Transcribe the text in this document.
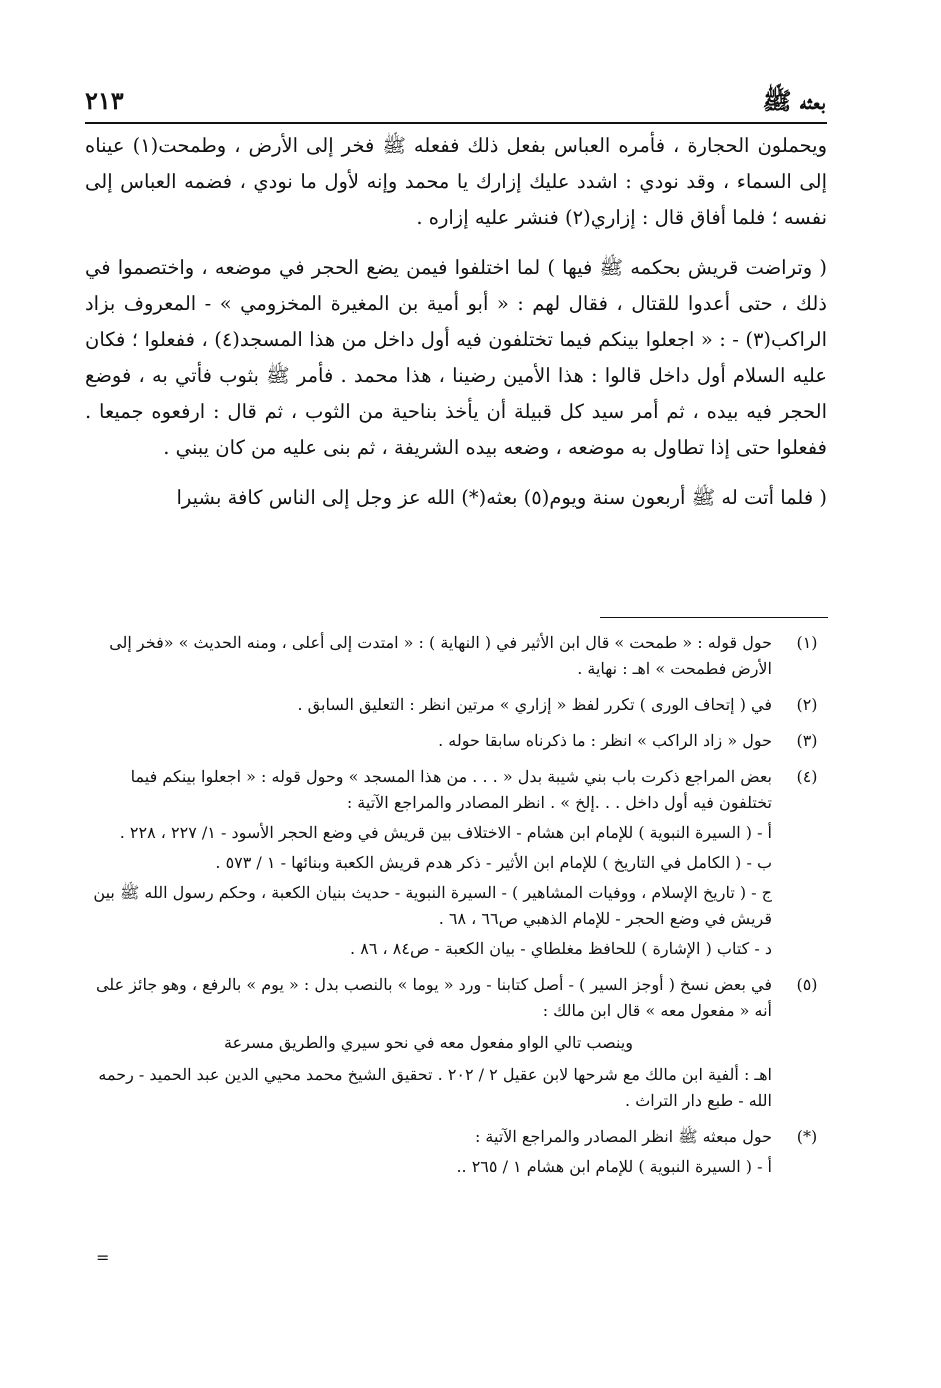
بعثه ﷺ
٢١٣

ويحملون الحجارة ، فأمره العباس بفعل ذلك ففعله ﷺ فخر إلى الأرض ، وطمحت(١) عيناه إلى السماء ، وقد نودي : اشدد عليك إزارك يا محمد وإنه لأول ما نودي ، فضمه العباس إلى نفسه ؛ فلما أفاق قال : إزاري(٢) فنشر عليه إزاره .

( وتراضت قريش بحكمه ﷺ فيها ) لما اختلفوا فيمن يضع الحجر في موضعه ، واختصموا في ذلك ، حتى أعدوا للقتال ، فقال لهم : « أبو أمية بن المغيرة المخزومي » - المعروف بزاد الراكب(٣) - : « اجعلوا بينكم فيما تختلفون فيه أول داخل من هذا المسجد(٤) ، ففعلوا ؛ فكان عليه السلام أول داخل قالوا : هذا الأمين رضينا ، هذا محمد . فأمر ﷺ بثوب فأتي به ، فوضع الحجر فيه بيده ، ثم أمر سيد كل قبيلة أن يأخذ بناحية من الثوب ، ثم قال : ارفعوه جميعا . ففعلوا حتى إذا تطاول به موضعه ، وضعه بيده الشريفة ، ثم بنى عليه من كان يبني .

( فلما أتت له ﷺ أربعون سنة ويوم(٥) بعثه(*) الله عز وجل إلى الناس كافة بشيرا

(١)
حول قوله : « طمحت » قال ابن الأثير في ( النهاية ) : « امتدت إلى أعلى ، ومنه الحديث » «فخر إلى الأرض فطمحت » اهـ : نهاية .
(٢)
في ( إتحاف الورى ) تكرر لفظ « إزاري » مرتين انظر : التعليق السابق .
(٣)
حول « زاد الراكب » انظر : ما ذكرناه سابقا حوله .
(٤)
بعض المراجع ذكرت باب بني شيبة بدل « . . . من هذا المسجد » وحول قوله : « اجعلوا بينكم فيما تختلفون فيه أول داخل . . .إلخ » . انظر المصادر والمراجع الآتية :
أ - ( السيرة النبوية ) للإمام ابن هشام - الاختلاف بين قريش في وضع الحجر الأسود - ١/ ٢٢٧ ، ٢٢٨ .
ب - ( الكامل في التاريخ ) للإمام ابن الأثير - ذكر هدم قريش الكعبة وبنائها - ١ / ٥٧٣ .
ج - ( تاريخ الإسلام ، ووفيات المشاهير ) - السيرة النبوية - حديث بنيان الكعبة ، وحكم رسول الله ﷺ بين قريش في وضع الحجر - للإمام الذهبي ص٦٦ ، ٦٨ .
د - كتاب ( الإشارة ) للحافظ مغلطاي - بيان الكعبة - ص٨٤ ، ٨٦ .
(٥)
في بعض نسخ ( أوجز السير ) - أصل كتابنا - ورد « يوما » بالنصب بدل : « يوم » بالرفع ، وهو جائز على أنه « مفعول معه » قال ابن مالك :
وينصب تالي الواو مفعول معه في نحو سيري والطريق مسرعة
اهـ : ألفية ابن مالك مع شرحها لابن عقيل ٢ / ٢٠٢ . تحقيق الشيخ محمد محيي الدين عبد الحميد - رحمه الله - طبع دار التراث .
(*)
حول مبعثه ﷺ انظر المصادر والمراجع الآتية :
أ - ( السيرة النبوية ) للإمام ابن هشام ١ / ٢٦٥ ..
=
